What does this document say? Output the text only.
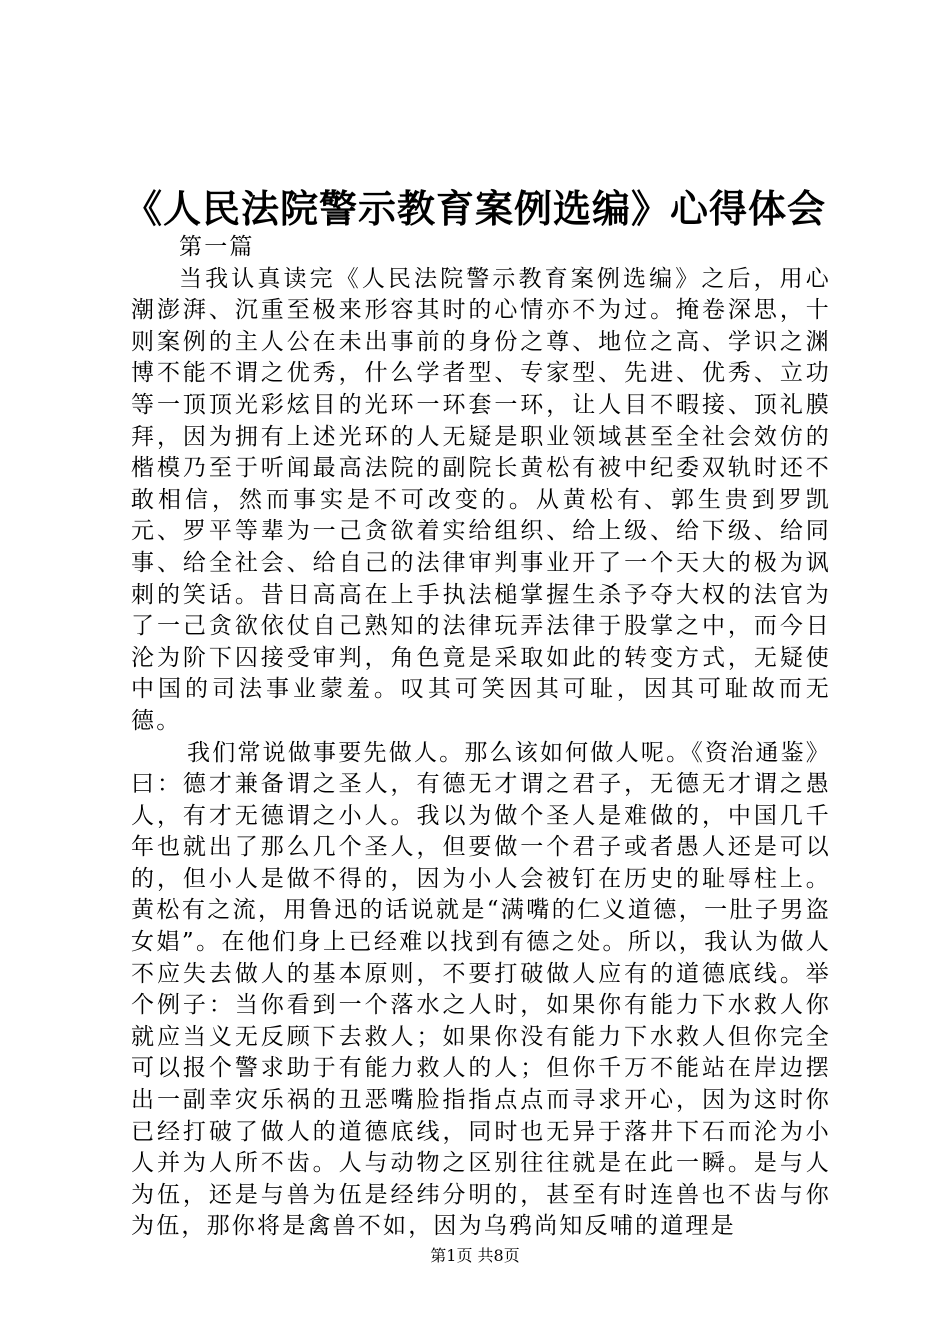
《人民法院警示教育案例选编》心得体会

第一篇

当我认真读完《人民法院警示教育案例选编》之后，用心潮澎湃、沉重至极来形容其时的心情亦不为过。掩卷深思，十则案例的主人公在未出事前的身份之尊、地位之高、学识之渊博不能不谓之优秀，什么学者型、专家型、先进、优秀、立功等一顶顶光彩炫目的光环一环套一环，让人目不暇接、顶礼膜拜，因为拥有上述光环的人无疑是职业领域甚至全社会效仿的楷模乃至于听闻最高法院的副院长黄松有被中纪委双轨时还不敢相信，然而事实是不可改变的。从黄松有、郭生贵到罗凯元、罗平等辈为一己贪欲着实给组织、给上级、给下级、给同事、给全社会、给自己的法律审判事业开了一个天大的极为讽刺的笑话。昔日高高在上手执法槌掌握生杀予夺大权的法官为了一己贪欲依仗自己熟知的法律玩弄法律于股掌之中，而今日沦为阶下囚接受审判，角色竟是采取如此的转变方式，无疑使中国的司法事业蒙羞。叹其可笑因其可耻，因其可耻故而无德。

我们常说做事要先做人。那么该如何做人呢。《资治通鉴》曰：德才兼备谓之圣人，有德无才谓之君子，无德无才谓之愚人，有才无德谓之小人。我以为做个圣人是难做的，中国几千年也就出了那么几个圣人，但要做一个君子或者愚人还是可以的，但小人是做不得的，因为小人会被钉在历史的耻辱柱上。黄松有之流，用鲁迅的话说就是“满嘴的仁义道德，一肚子男盗女娼”。在他们身上已经难以找到有德之处。所以，我认为做人不应失去做人的基本原则，不要打破做人应有的道德底线。举个例子：当你看到一个落水之人时，如果你有能力下水救人你就应当义无反顾下去救人；如果你没有能力下水救人但你完全可以报个警求助于有能力救人的人；但你千万不能站在岸边摆出一副幸灾乐祸的丑恶嘴脸指指点点而寻求开心，因为这时你已经打破了做人的道德底线，同时也无异于落井下石而沦为小人并为人所不齿。人与动物之区别往往就是在此一瞬。是与人为伍，还是与兽为伍是经纬分明的，甚至有时连兽也不齿与你为伍，那你将是禽兽不如，因为乌鸦尚知反哺的道理是

第1页 共8页
